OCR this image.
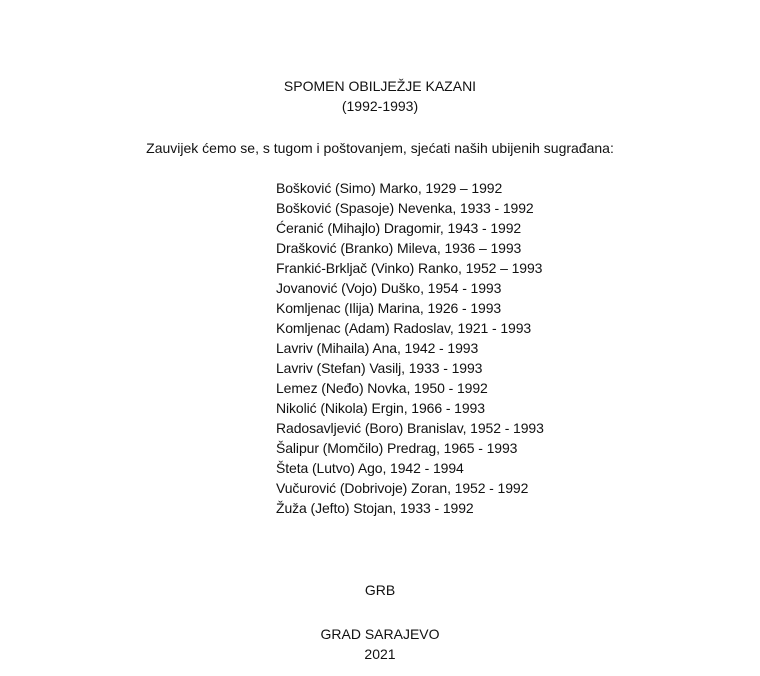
SPOMEN OBILJEŽJE KAZANI
(1992-1993)
Zauvijek ćemo se, s tugom i poštovanjem, sjećati naših ubijenih sugrađana:
Bošković (Simo) Marko, 1929 – 1992
Bošković (Spasoje) Nevenka, 1933 - 1992
Ćeranić (Mihajlo) Dragomir, 1943 - 1992
Drašković (Branko) Mileva, 1936 – 1993
Frankić-Brkljač (Vinko) Ranko, 1952 – 1993
Jovanović (Vojo) Duško, 1954 - 1993
Komljenac (Ilija) Marina, 1926 - 1993
Komljenac (Adam) Radoslav, 1921 - 1993
Lavriv (Mihaila) Ana, 1942 - 1993
Lavriv (Stefan) Vasilj, 1933 - 1993
Lemez (Neđo) Novka, 1950 - 1992
Nikolić (Nikola) Ergin, 1966 - 1993
Radosavljević (Boro) Branislav, 1952 - 1993
Šalipur (Momčilo) Predrag, 1965 - 1993
Šteta (Lutvo) Ago, 1942 - 1994
Vučurović (Dobrivoje) Zoran, 1952 - 1992
Žuža (Jefto) Stojan, 1933 - 1992
GRB
GRAD SARAJEVO
2021
